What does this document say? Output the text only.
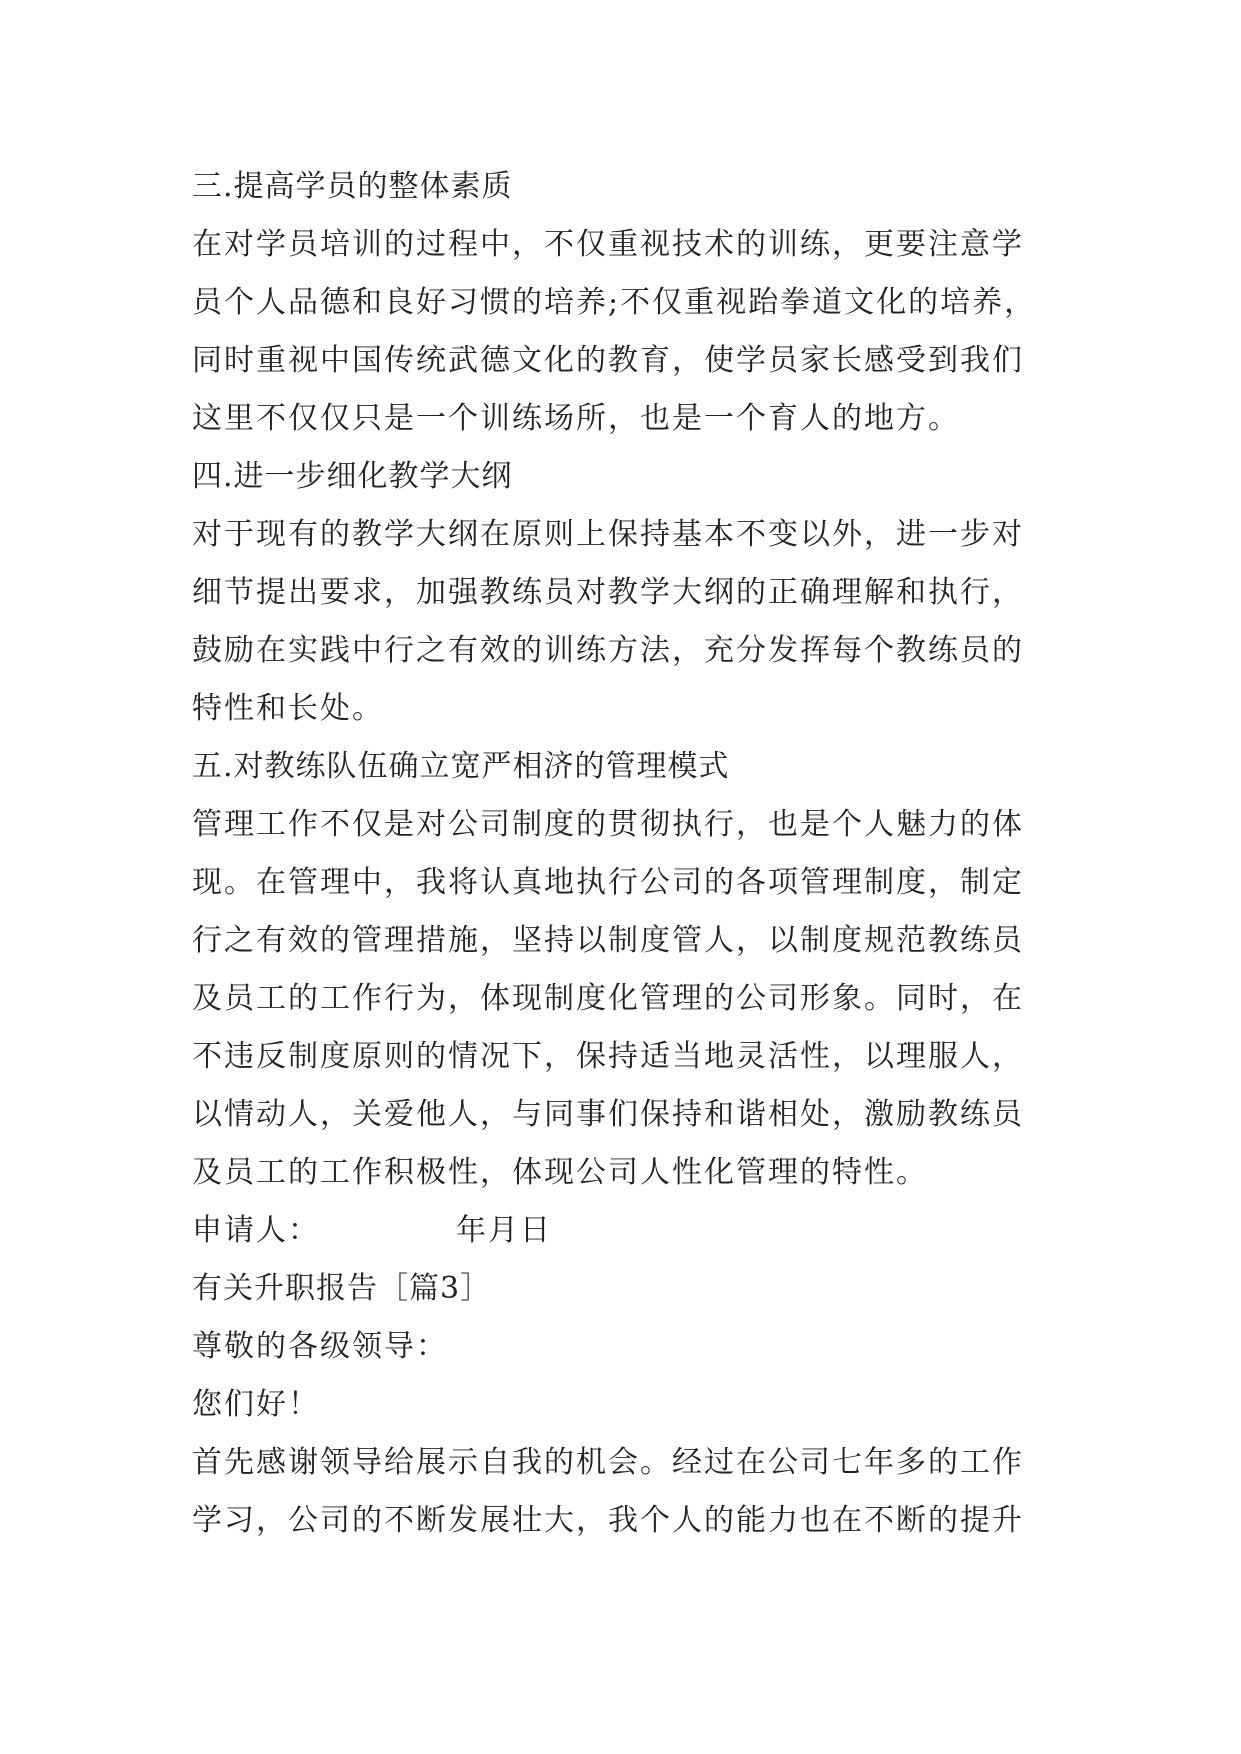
三.提高学员的整体素质
在对学员培训的过程中，不仅重视技术的训练，更要注意学
员个人品德和良好习惯的培养;不仅重视跆拳道文化的培养，
同时重视中国传统武德文化的教育，使学员家长感受到我们
这里不仅仅只是一个训练场所，也是一个育人的地方。
四.进一步细化教学大纲
对于现有的教学大纲在原则上保持基本不变以外，进一步对
细节提出要求，加强教练员对教学大纲的正确理解和执行，
鼓励在实践中行之有效的训练方法，充分发挥每个教练员的
特性和长处。
五.对教练队伍确立宽严相济的管理模式
管理工作不仅是对公司制度的贯彻执行，也是个人魅力的体
现。在管理中，我将认真地执行公司的各项管理制度，制定
行之有效的管理措施，坚持以制度管人，以制度规范教练员
及员工的工作行为，体现制度化管理的公司形象。同时，在
不违反制度原则的情况下，保持适当地灵活性，以理服人，
以情动人，关爱他人，与同事们保持和谐相处，激励教练员
及员工的工作积极性，体现公司人性化管理的特性。
申请人：	年月日
有关升职报告［篇3］
尊敬的各级领导：
您们好！
首先感谢领导给展示自我的机会。经过在公司七年多的工作
学习，公司的不断发展壮大，我个人的能力也在不断的提升
